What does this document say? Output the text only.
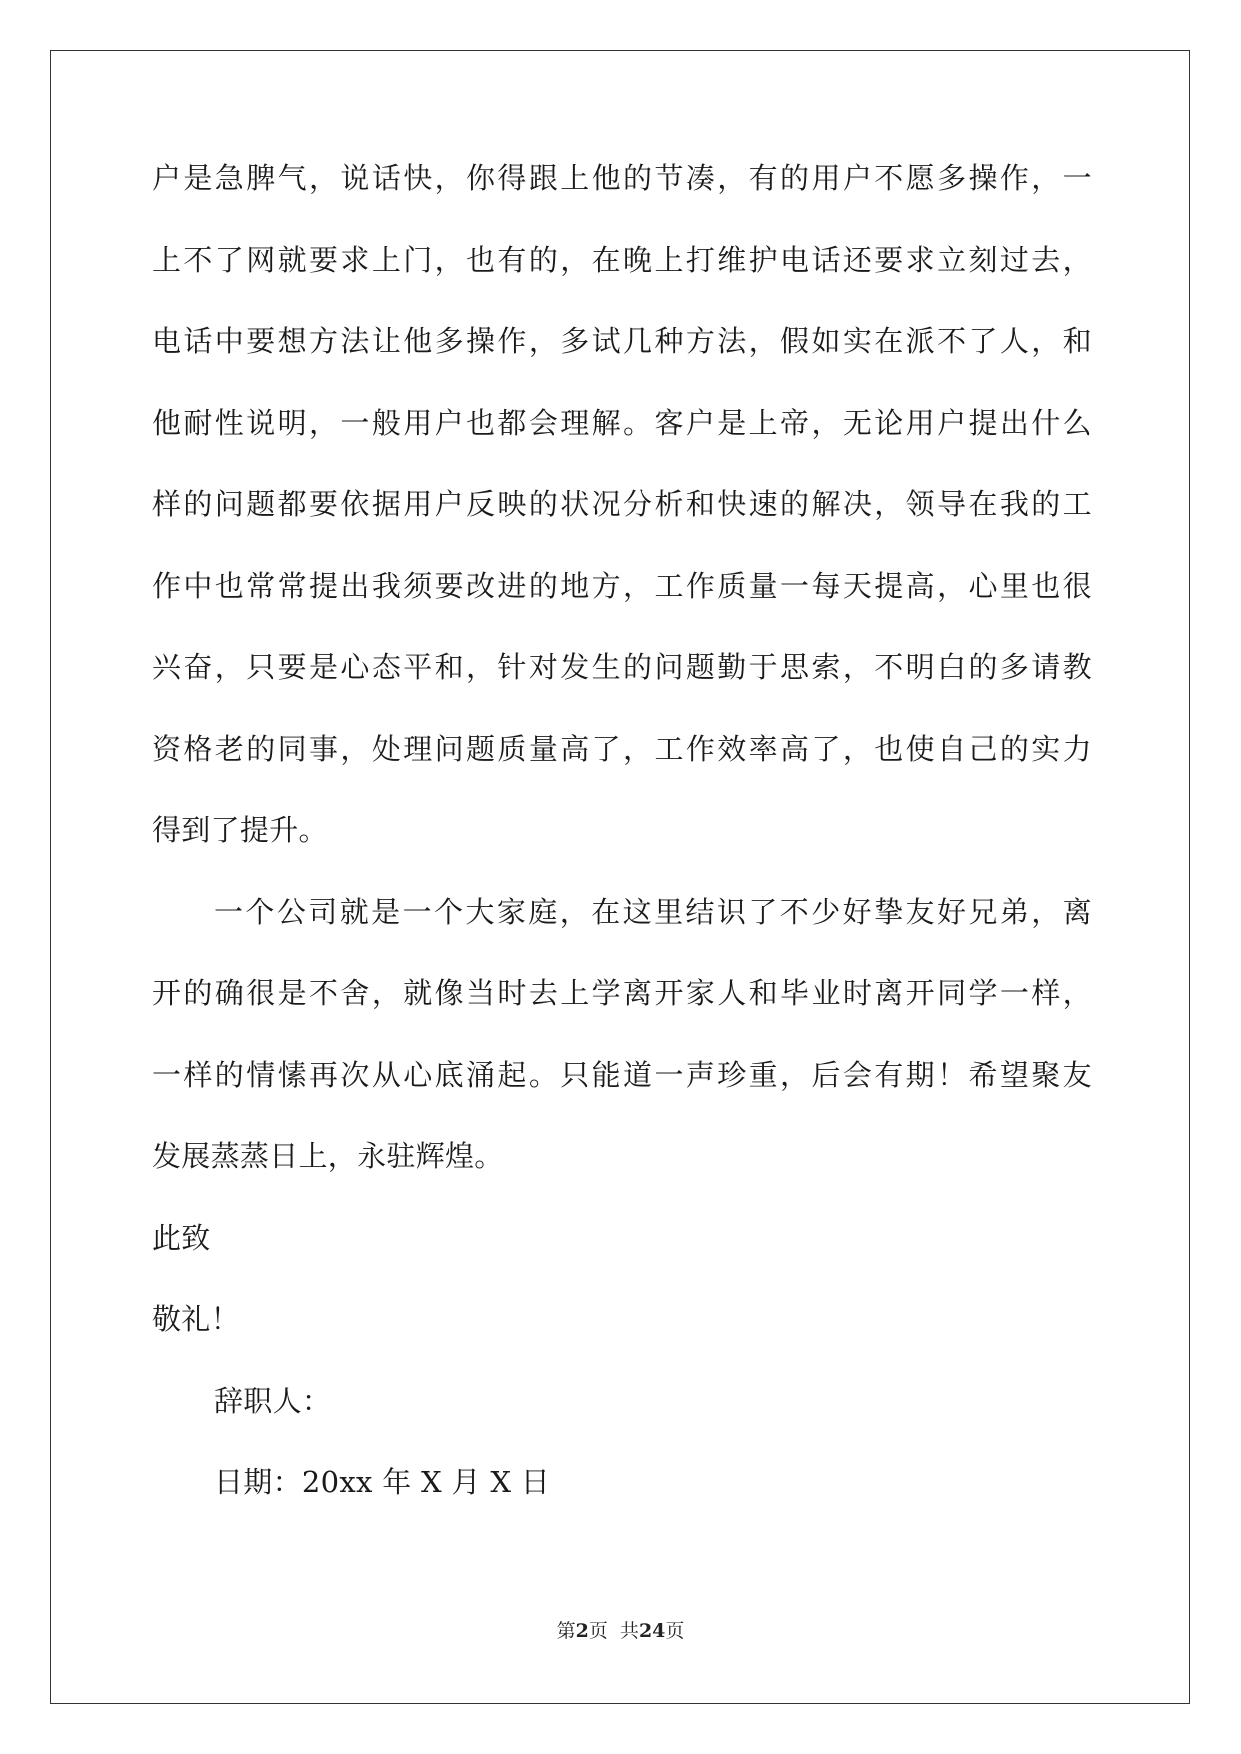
户是急脾气，说话快，你得跟上他的节凑，有的用户不愿多操作，一
上不了网就要求上门，也有的，在晚上打维护电话还要求立刻过去，
电话中要想方法让他多操作，多试几种方法，假如实在派不了人，和
他耐性说明，一般用户也都会理解。客户是上帝，无论用户提出什么
样的问题都要依据用户反映的状况分析和快速的解决，领导在我的工
作中也常常提出我须要改进的地方，工作质量一每天提高，心里也很
兴奋，只要是心态平和，针对发生的问题勤于思索，不明白的多请教
资格老的同事，处理问题质量高了，工作效率高了，也使自己的实力
得到了提升。
一个公司就是一个大家庭，在这里结识了不少好挚友好兄弟，离
开的确很是不舍，就像当时去上学离开家人和毕业时离开同学一样，
一样的情愫再次从心底涌起。只能道一声珍重，后会有期！希望聚友
发展蒸蒸日上，永驻辉煌。
此致
敬礼！
辞职人：
日期：20xx 年 X 月 X 日
第2页  共24页
